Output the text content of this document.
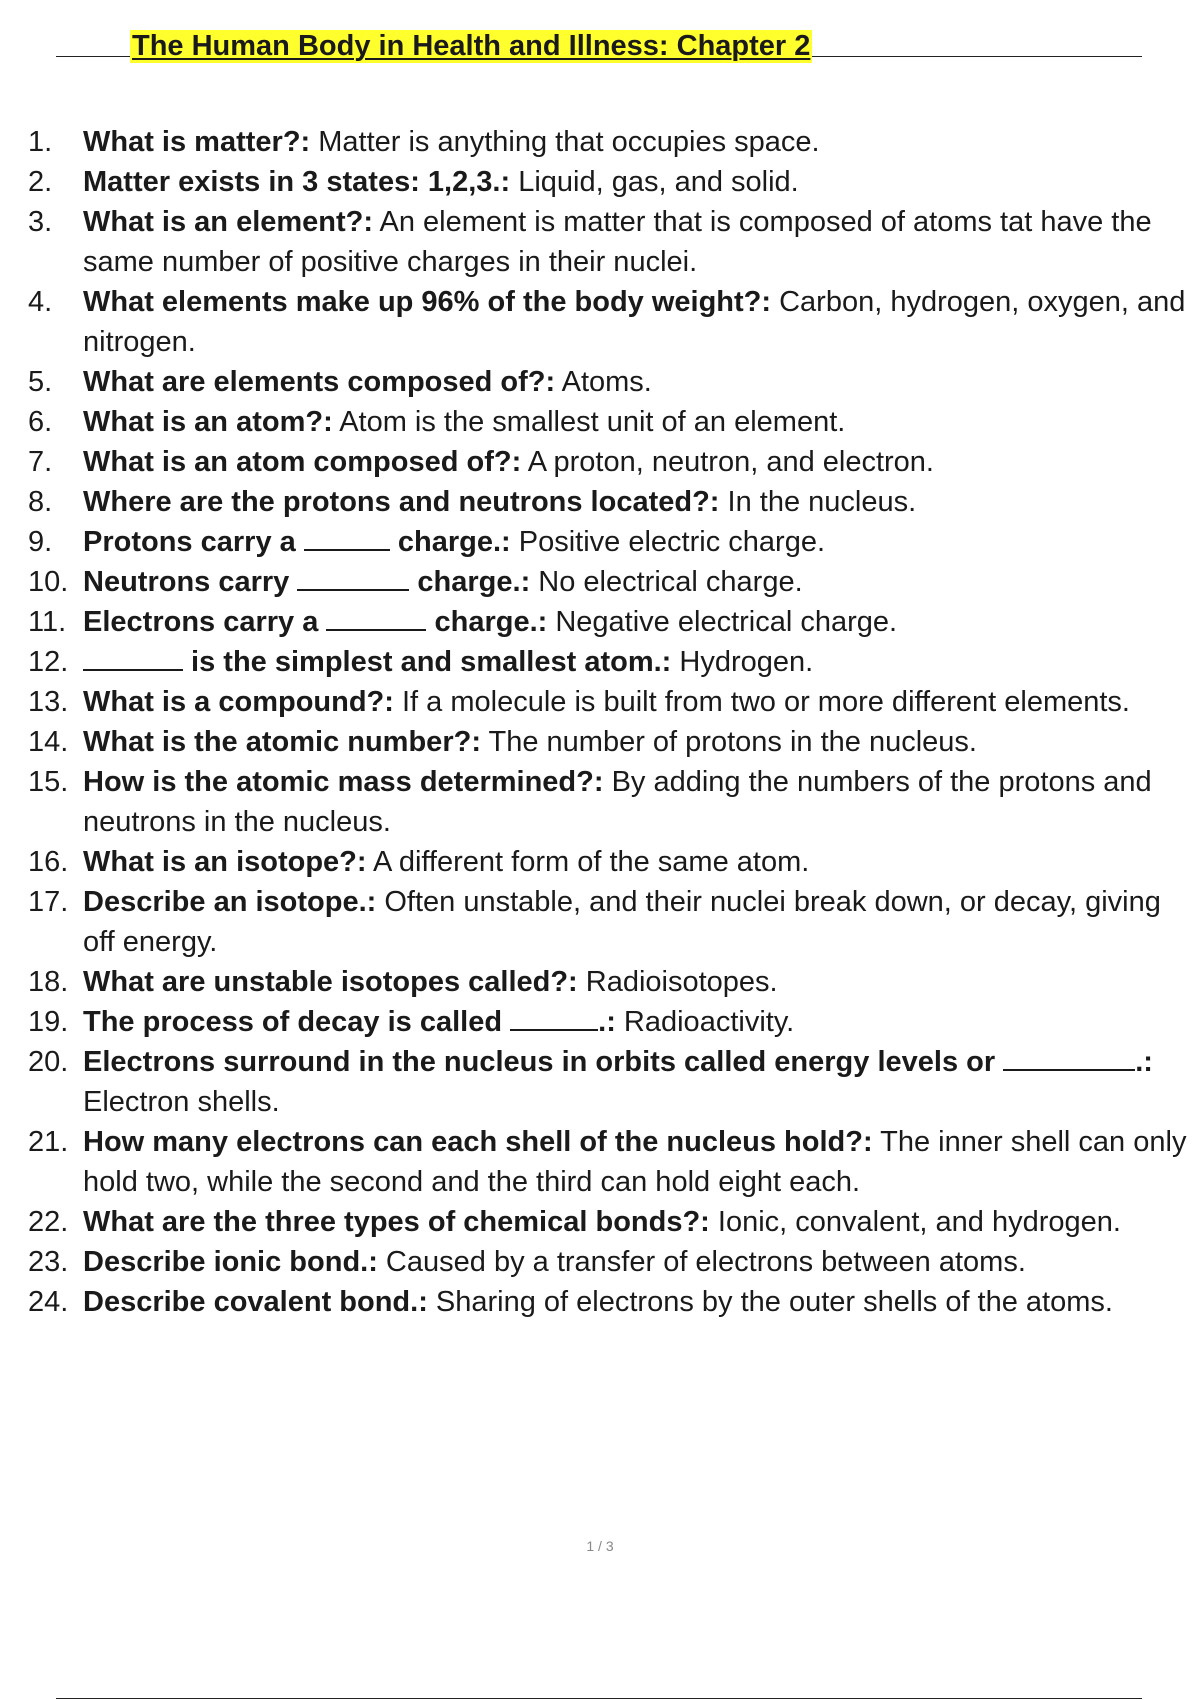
The Human Body in Health and Illness: Chapter 2
1.	What is matter?: Matter is anything that occupies space.
2.	Matter exists in 3 states: 1,2,3.: Liquid, gas, and solid.
3.	What is an element?: An element is matter that is composed of atoms tat have the same number of positive charges in their nuclei.
4.	What elements make up 96% of the body weight?: Carbon, hydrogen, oxygen, and nitrogen.
5.	What are elements composed of?: Atoms.
6.	What is an atom?: Atom is the smallest unit of an element.
7.	What is an atom composed of?: A proton, neutron, and electron.
8.	Where are the protons and neutrons located?: In the nucleus.
9.	Protons carry a	charge.: Positive electric charge.
10. Neutrons carry	charge.: No electrical charge.
11. Electrons carry a	charge.: Negative electrical charge.
12.	is the simplest and smallest atom.: Hydrogen.
13. What is a compound?: If a molecule is built from two or more different elements.
14. What is the atomic number?: The number of protons in the nucleus.
15. How is the atomic mass determined?: By adding the numbers of the protons and neutrons in the nucleus.
16. What is an isotope?: A different form of the same atom.
17. Describe an isotope.: Often unstable, and their nuclei break down, or decay, giving off energy.
18. What are unstable isotopes called?: Radioisotopes.
19. The process of decay is called	.: Radioactivity.
20. Electrons surround in the nucleus in orbits called energy levels or	.: Electron shells.
21. How many electrons can each shell of the nucleus hold?: The inner shell can only hold two, while the second and the third can hold eight each.
22. What are the three types of chemical bonds?: Ionic, convalent, and hydrogen.
23. Describe ionic bond.: Caused by a transfer of electrons between atoms.
24. Describe covalent bond.: Sharing of electrons by the outer shells of the atoms.
1 / 3
